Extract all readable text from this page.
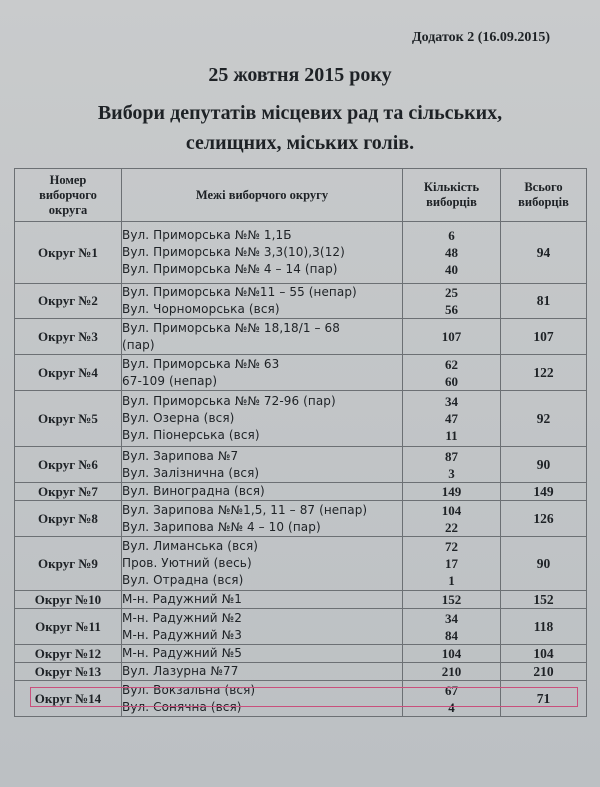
Додаток 2 (16.09.2015)
25 жовтня 2015 року
Вибори депутатів місцевих рад та сільських,
селищних, міських голів.
Номер
виборчого
округа	Межі виборчого округу	Кількість
виборців	Всього
виборців

Округ №1	Вул. Приморська №№ 1,1Б
Вул. Приморська №№ 3,3(10),3(12)
Вул. Приморська №№ 4 – 14 (пар)	6
48
40	94
Округ №2	Вул. Приморська №№11 – 55 (непар)
Вул. Чорноморська (вся)	25
56	81
Округ №3	Вул. Приморська №№ 18,18/1 – 68
(пар)	107	107
Округ №4	Вул. Приморська №№ 63
67-109 (непар)	62
60	122
Округ №5	Вул. Приморська №№ 72-96 (пар)
Вул. Озерна (вся)
Вул. Піонерська (вся)	34
47
11	92
Округ №6	Вул. Зарипова №7
Вул. Залізнична (вся)	87
3	90
Округ №7	Вул. Виноградна (вся)	149	149
Округ №8	Вул. Зарипова №№1,5, 11 – 87 (непар)
Вул. Зарипова №№ 4 – 10 (пар)	104
22	126
Округ №9	Вул. Лиманська (вся)
Пров. Уютний (весь)
Вул. Отрадна (вся)	72
17
1	90
Округ №10	М-н. Радужний №1	152	152
Округ №11	М-н. Радужний №2
М-н. Радужний №3	34
84	118
Округ №12	М-н. Радужний №5	104	104
Округ №13	Вул. Лазурна №77	210	210
Округ №14	Вул. Вокзальна (вся)
Вул. Сонячна (вся)	67
4	71
